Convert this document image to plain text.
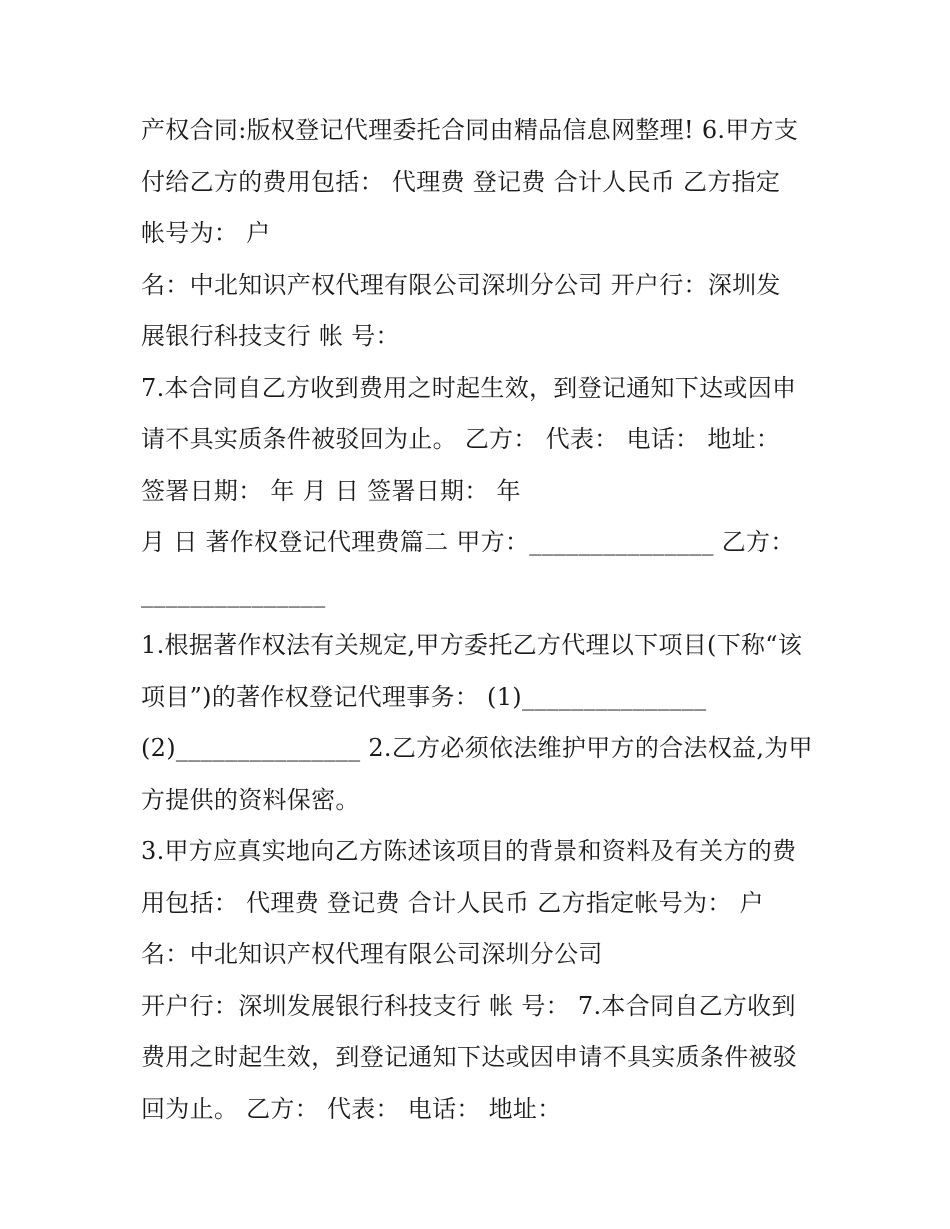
产权合同:版权登记代理委托合同由精品信息网整理! 6.甲方支
付给乙方的费用包括： 代理费 登记费 合计人民币 乙方指定
帐号为： 户
名：中北知识产权代理有限公司深圳分公司 开户行：深圳发
展银行科技支行 帐 号：
7.本合同自乙方收到费用之时起生效，到登记通知下达或因申
请不具实质条件被驳回为止。 乙方： 代表： 电话： 地址：
签署日期： 年 月 日 签署日期： 年
月 日 著作权登记代理费篇二 甲方：_______________ 乙方：
_______________
1.根据著作权法有关规定,甲方委托乙方代理以下项目(下称“该
项目”)的著作权登记代理事务： (1)_______________
(2)_______________ 2.乙方必须依法维护甲方的合法权益,为甲
方提供的资料保密。
3.甲方应真实地向乙方陈述该项目的背景和资料及有关方的费
用包括： 代理费 登记费 合计人民币 乙方指定帐号为： 户
名：中北知识产权代理有限公司深圳分公司
开户行：深圳发展银行科技支行 帐 号： 7.本合同自乙方收到
费用之时起生效，到登记通知下达或因申请不具实质条件被驳
回为止。 乙方： 代表： 电话： 地址：
